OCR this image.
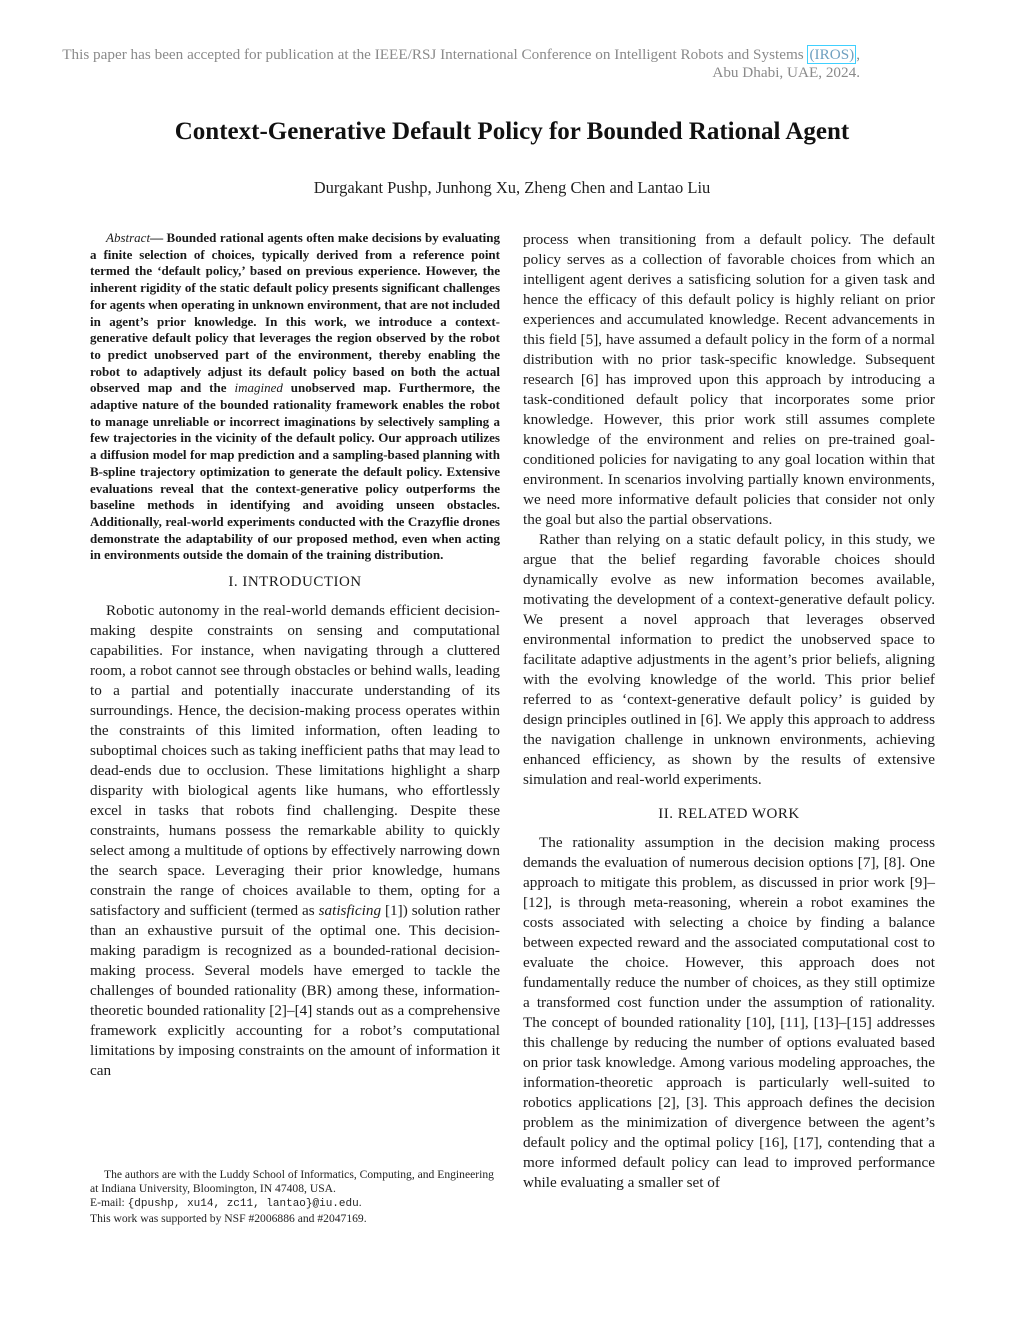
This paper has been accepted for publication at the IEEE/RSJ International Conference on Intelligent Robots and Systems (IROS) , Abu Dhabi, UAE, 2024.
Context-Generative Default Policy for Bounded Rational Agent
Durgakant Pushp, Junhong Xu, Zheng Chen and Lantao Liu

Abstract— Bounded rational agents often make decisions by evaluating a finite selection of choices, typically derived from a reference point termed the ‘default policy,’ based on previous experience. However, the inherent rigidity of the static default policy presents significant challenges for agents when operating in unknown environment, that are not included in agent’s prior knowledge. In this work, we introduce a context-generative default policy that leverages the region observed by the robot to predict unobserved part of the environment, thereby enabling the robot to adaptively adjust its default policy based on both the actual observed map and the imagined unobserved map. Furthermore, the adaptive nature of the bounded rationality framework enables the robot to manage unreliable or incorrect imaginations by selectively sampling a few trajectories in the vicinity of the default policy. Our approach utilizes a diffusion model for map prediction and a sampling-based planning with B-spline trajectory optimization to generate the default policy. Extensive evaluations reveal that the context-generative policy outperforms the baseline methods in identifying and avoiding unseen obstacles. Additionally, real-world experiments conducted with the Crazyflie drones demonstrate the adaptability of our proposed method, even when acting in environments outside the domain of the training distribution.

I. INTRODUCTION

Robotic autonomy in the real-world demands efficient decision-making despite constraints on sensing and computational capabilities. For instance, when navigating through a cluttered room, a robot cannot see through obstacles or behind walls, leading to a partial and potentially inaccurate understanding of its surroundings. Hence, the decision-making process operates within the constraints of this limited information, often leading to suboptimal choices such as taking inefficient paths that may lead to dead-ends due to occlusion. These limitations highlight a sharp disparity with biological agents like humans, who effortlessly excel in tasks that robots find challenging. Despite these constraints, humans possess the remarkable ability to quickly select among a multitude of options by effectively narrowing down the search space. Leveraging their prior knowledge, humans constrain the range of choices available to them, opting for a satisfactory and sufficient (termed as satisficing [1]) solution rather than an exhaustive pursuit of the optimal one. This decision-making paradigm is recognized as a bounded-rational decision-making process. Several models have emerged to tackle the challenges of bounded rationality (BR) among these, information-theoretic bounded rationality [2]–[4] stands out as a comprehensive framework explicitly accounting for a robot’s computational limitations by imposing constraints on the amount of information it can

The authors are with the Luddy School of Informatics, Computing, and Engineering at Indiana University, Bloomington, IN 47408, USA.

E-mail: {dpushp, xu14, zc11, lantao}@iu.edu.
This work was supported by NSF #2006886 and #2047169.

process when transitioning from a default policy. The default policy serves as a collection of favorable choices from which an intelligent agent derives a satisficing solution for a given task and hence the efficacy of this default policy is highly reliant on prior experiences and accumulated knowledge. Recent advancements in this field [5], have assumed a default policy in the form of a normal distribution with no prior task-specific knowledge. Subsequent research [6] has improved upon this approach by introducing a task-conditioned default policy that incorporates some prior knowledge. However, this prior work still assumes complete knowledge of the environment and relies on pre-trained goal-conditioned policies for navigating to any goal location within that environment. In scenarios involving partially known environments, we need more informative default policies that consider not only the goal but also the partial observations.

Rather than relying on a static default policy, in this study, we argue that the belief regarding favorable choices should dynamically evolve as new information becomes available, motivating the development of a context-generative default policy. We present a novel approach that leverages observed environmental information to predict the unobserved space to facilitate adaptive adjustments in the agent’s prior beliefs, aligning with the evolving knowledge of the world. This prior belief referred to as ‘context-generative default policy’ is guided by design principles outlined in [6]. We apply this approach to address the navigation challenge in unknown environments, achieving enhanced efficiency, as shown by the results of extensive simulation and real-world experiments.

II. RELATED WORK

The rationality assumption in the decision making process demands the evaluation of numerous decision options [7], [8]. One approach to mitigate this problem, as discussed in prior work [9]–[12], is through meta-reasoning, wherein a robot examines the costs associated with selecting a choice by finding a balance between expected reward and the associated computational cost to evaluate the choice. However, this approach does not fundamentally reduce the number of choices, as they still optimize a transformed cost function under the assumption of rationality. The concept of bounded rationality [10], [11], [13]–[15] addresses this challenge by reducing the number of options evaluated based on prior task knowledge. Among various modeling approaches, the information-theoretic approach is particularly well-suited to robotics applications [2], [3]. This approach defines the decision problem as the minimization of divergence between the agent’s default policy and the optimal policy [16], [17], contending that a more informed default policy can lead to improved performance while evaluating a smaller set of
